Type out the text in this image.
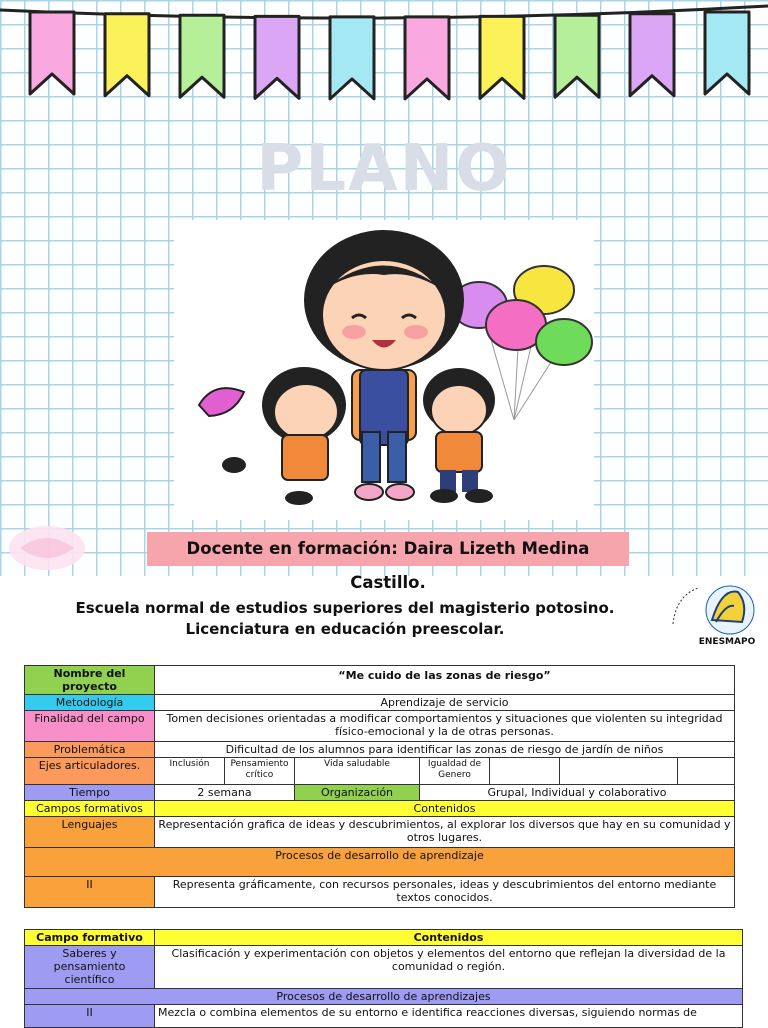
PLANO
Docente en formación: Daira Lizeth Medina Castillo.
Escuela normal de estudios superiores del magisterio potosino.
Licenciatura en educación preescolar.
ENESMAPO
Nombre del proyecto	“Me cuido de las zonas de riesgo”						
Metodología	Aprendizaje de servicio						
Finalidad del campo	Tomen decisiones orientadas a modificar comportamientos y situaciones que violenten su integridad físico-emocional y la de otras personas.						
Problemática	Dificultad de los alumnos para identificar las zonas de riesgo de jardín de niños						
Ejes articuladores.	Inclusión	Pensamiento crítico	Vida saludable	Igualdad de Genero			
Tiempo	2 semana		Organización	Grupal, Individual y colaborativo			
Campos formativos	Contenidos						
Lenguajes	Representación grafica de ideas y descubrimientos, al explorar los diversos que hay en su comunidad y otros lugares.						
Procesos de desarrollo de aprendizaje							
II	Representa gráficamente, con recursos personales, ideas y descubrimientos del entorno mediante textos conocidos.						
Campo formativo	Contenidos
Saberes y pensamiento científico	Clasificación y experimentación con objetos y elementos del entorno que reflejan la diversidad de la comunidad o región.
Procesos de desarrollo de aprendizajes	
II	Mezcla o combina elementos de su entorno e identifica reacciones diversas, siguiendo normas de
